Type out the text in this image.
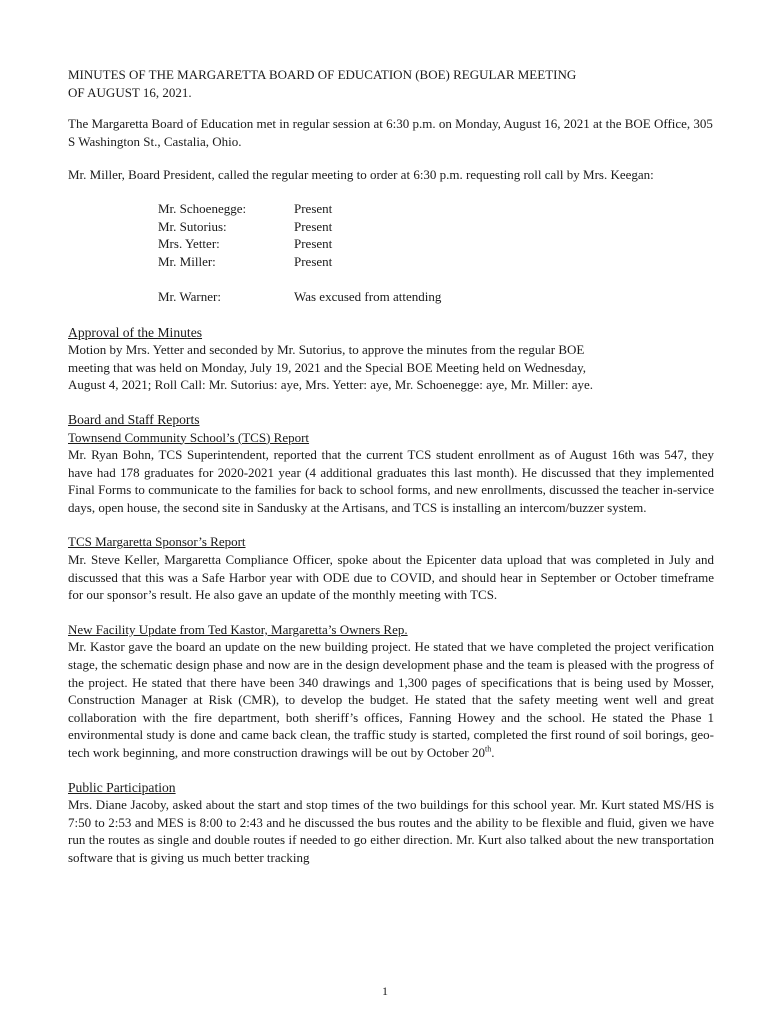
MINUTES OF THE MARGARETTA BOARD OF EDUCATION (BOE) REGULAR MEETING
OF AUGUST 16, 2021.

The Margaretta Board of Education met in regular session at 6:30 p.m. on Monday, August 16, 2021 at the BOE Office, 305 S Washington St., Castalia, Ohio.

Mr. Miller, Board President, called the regular meeting to order at 6:30 p.m. requesting roll call by Mrs. Keegan:

Mr. Schoenegge:	Present
Mr. Sutorius:	Present
Mrs. Yetter:	Present
Mr. Miller:	Present

Mr. Warner:	Was excused from attending
Approval of the Minutes
Motion by Mrs. Yetter and seconded by Mr. Sutorius, to approve the minutes from the regular BOE
meeting that was held on Monday, July 19, 2021 and the Special BOE Meeting held on Wednesday,
August 4, 2021; Roll Call: Mr. Sutorius: aye, Mrs. Yetter: aye, Mr. Schoenegge: aye, Mr. Miller: aye.
Board and Staff Reports
Townsend Community School’s (TCS) Report

Mr. Ryan Bohn, TCS Superintendent, reported that the current TCS student enrollment as of August 16th was 547, they have had 178 graduates for 2020-2021 year (4 additional graduates this last month). He discussed that they implemented Final Forms to communicate to the families for back to school forms, and new enrollments, discussed the teacher in-service days, open house, the second site in Sandusky at the Artisans, and TCS is installing an intercom/buzzer system.

TCS Margaretta Sponsor’s Report

Mr. Steve Keller, Margaretta Compliance Officer, spoke about the Epicenter data upload that was completed in July and discussed that this was a Safe Harbor year with ODE due to COVID, and should hear in September or October timeframe for our sponsor’s result. He also gave an update of the monthly meeting with TCS.

New Facility Update from Ted Kastor, Margaretta’s Owners Rep.

Mr. Kastor gave the board an update on the new building project. He stated that we have completed the project verification stage, the schematic design phase and now are in the design development phase and the team is pleased with the progress of the project. He stated that there have been 340 drawings and 1,300 pages of specifications that is being used by Mosser, Construction Manager at Risk (CMR), to develop the budget. He stated that the safety meeting went well and great collaboration with the fire department, both sheriff’s offices, Fanning Howey and the school. He stated the Phase 1 environmental study is done and came back clean, the traffic study is started, completed the first round of soil borings, geo-tech work beginning, and more construction drawings will be out by October 20th.

Public Participation

Mrs. Diane Jacoby, asked about the start and stop times of the two buildings for this school year. Mr. Kurt stated MS/HS is 7:50 to 2:53 and MES is 8:00 to 2:43 and he discussed the bus routes and the ability to be flexible and fluid, given we have run the routes as single and double routes if needed to go either direction. Mr. Kurt also talked about the new transportation software that is giving us much better tracking

1
